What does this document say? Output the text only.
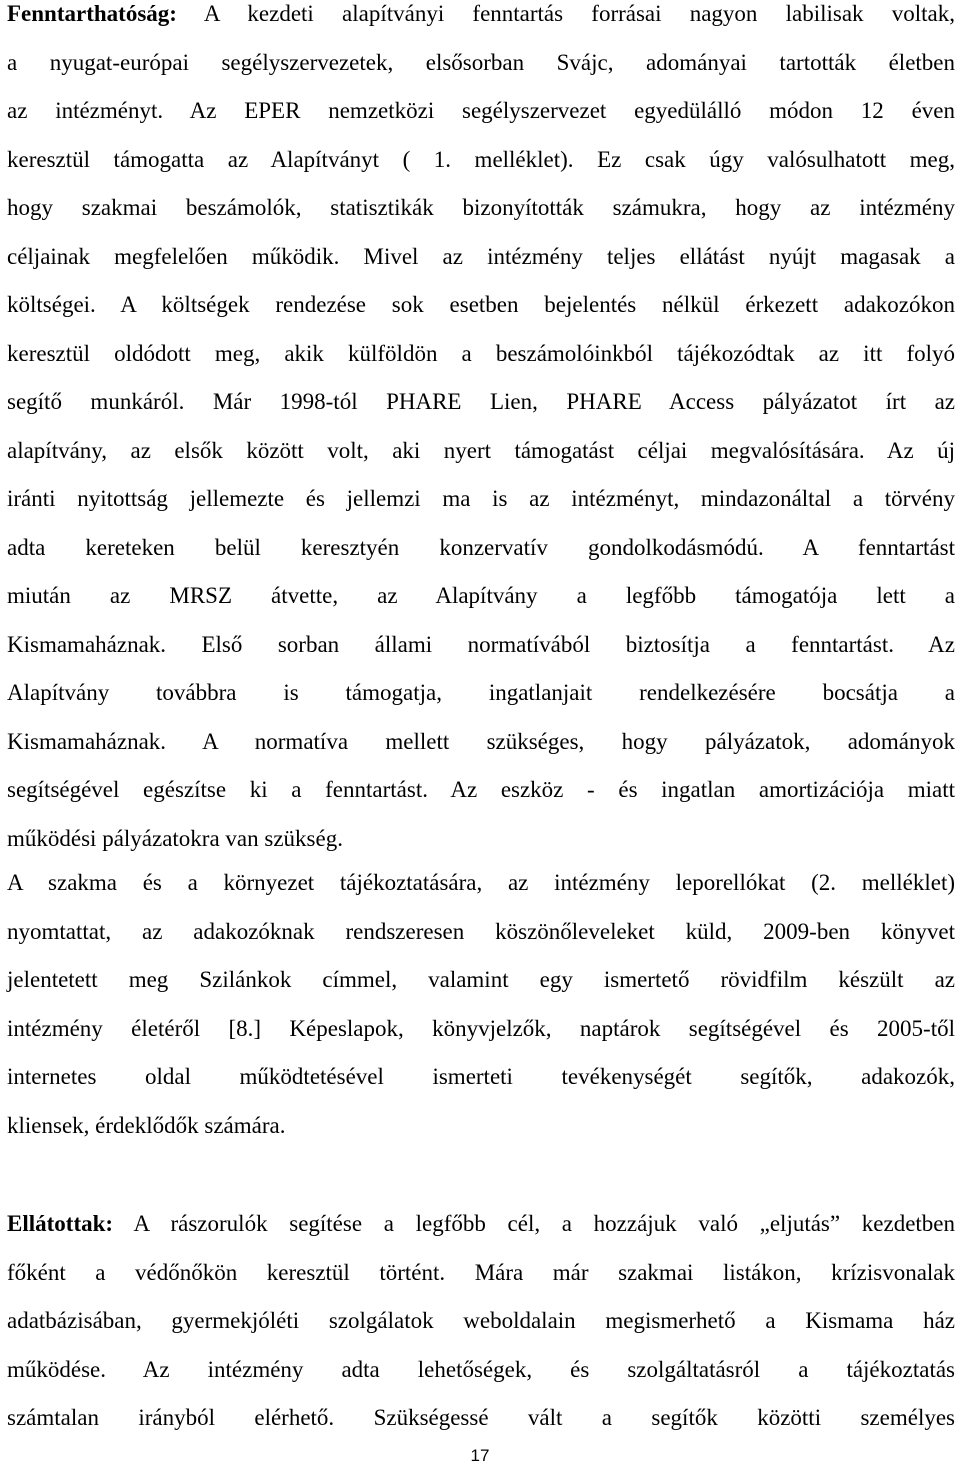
Fenntarthatóság: A kezdeti alapítványi fenntartás forrásai nagyon labilisak voltak,
a nyugat-európai segélyszervezetek, elsősorban Svájc, adományai tartották életben
az intézményt. Az EPER nemzetközi segélyszervezet egyedülálló módon 12 éven
keresztül támogatta az Alapítványt ( 1. melléklet). Ez csak úgy valósulhatott meg,
hogy szakmai beszámolók, statisztikák bizonyították számukra, hogy az intézmény
céljainak megfelelően működik. Mivel az intézmény teljes ellátást nyújt magasak a
költségei. A költségek rendezése sok esetben bejelentés nélkül érkezett adakozókon
keresztül oldódott meg, akik külföldön a beszámolóinkból tájékozódtak az itt folyó
segítő munkáról. Már 1998-tól PHARE Lien, PHARE Access pályázatot írt az
alapítvány, az elsők között volt, aki nyert támogatást céljai megvalósítására. Az új
iránti nyitottság jellemezte és jellemzi ma is az intézményt, mindazonáltal a törvény
adta kereteken belül keresztyén konzervatív gondolkodásmódú. A fenntartást
miután az MRSZ átvette, az Alapítvány a legfőbb támogatója lett a
Kismamaháznak. Első sorban állami normatívából biztosítja a fenntartást. Az
Alapítvány továbbra is támogatja, ingatlanjait rendelkezésére bocsátja a
Kismamaháznak. A normatíva mellett szükséges, hogy pályázatok, adományok
segítségével egészítse ki a fenntartást. Az eszköz - és ingatlan amortizációja miatt
működési pályázatokra van szükség.
A szakma és a környezet tájékoztatására, az intézmény leporellókat (2. melléklet)
nyomtattat, az adakozóknak rendszeresen köszönőleveleket küld, 2009-ben könyvet
jelentetett meg Szilánkok címmel, valamint egy ismertető rövidfilm készült az
intézmény életéről [8.] Képeslapok, könyvjelzők, naptárok segítségével és 2005-től
internetes oldal működtetésével ismerteti tevékenységét segítők, adakozók,
kliensek, érdeklődők számára.
Ellátottak: A rászorulók segítése a legfőbb cél, a hozzájuk való „eljutás” kezdetben
főként a védőnőkön keresztül történt. Mára már szakmai listákon, krízisvonalak
adatbázisában, gyermekjóléti szolgálatok weboldalain megismerhető a Kismama ház
működése. Az intézmény adta lehetőségek, és szolgáltatásról a tájékoztatás
számtalan irányból elérhető. Szükségessé vált a segítők közötti személyes
17
